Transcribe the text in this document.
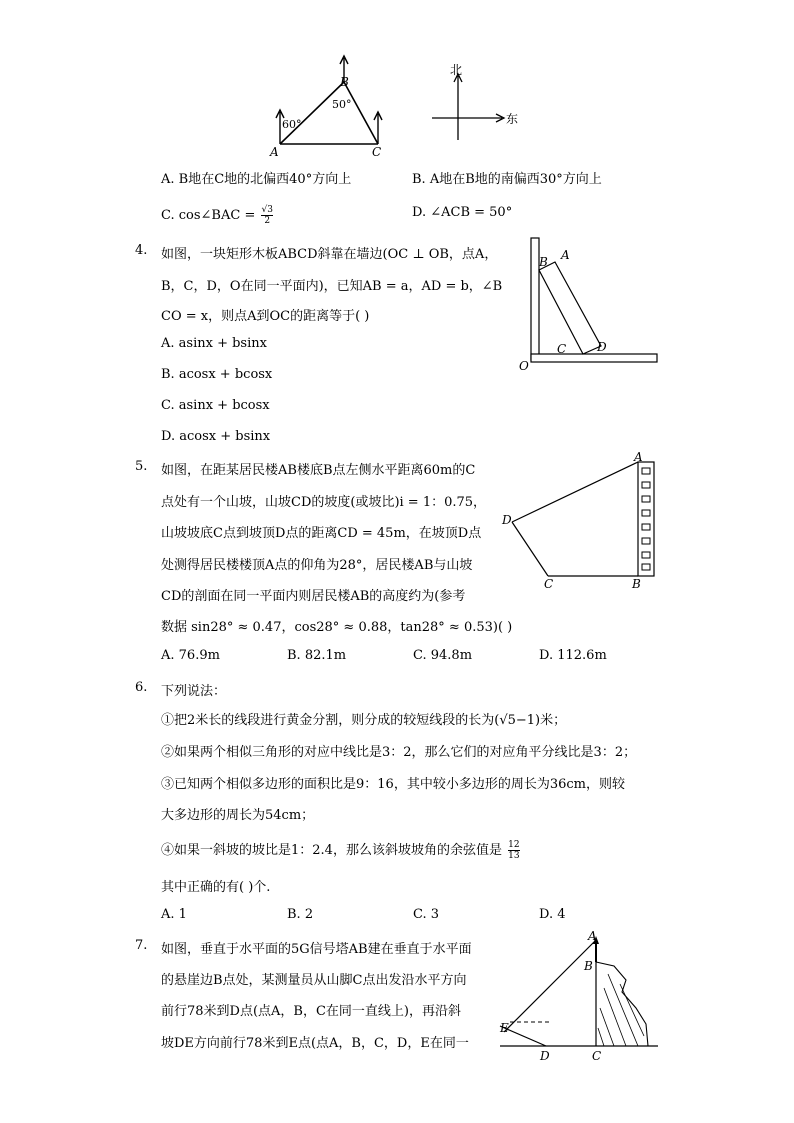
B
A	C
60°
50°
北
东
A. B地在C地的北偏西40°方向上	B. A地在B地的南偏西30°方向上
C. cos∠BAC = $\frac{√3}{2}$	D. ∠ACB = 50°
4. 如图，一块矩形木板ABCD斜靠在墙边(OC ⊥ OB，点A，
B，C，D，O在同一平面内)，已知AB = a，AD = b，∠B
CO = x，则点A到OC的距离等于( )
A. asinx + bsinx
B. acosx + bcosx
C. asinx + bcosx
D. acosx + bsinx
B A
C	D
O
5. 如图，在距某居民楼AB楼底B点左侧水平距离60m的C
点处有一个山坡，山坡CD的坡度(或坡比)i = 1：0.75，
山坡坡底C点到坡顶D点的距离CD = 45m，在坡顶D点
处测得居民楼楼顶A点的仰角为28°，居民楼AB与山坡
CD的剖面在同一平面内则居民楼AB的高度约为(参考
数据 sin28° ≈ 0.47，cos28° ≈ 0.88，tan28° ≈ 0.53)( )
A. 76.9m	B. 82.1m	C. 94.8m	D. 112.6m
A
D
C	B
6. 下列说法：
①把2米长的线段进行黄金分割，则分成的较短线段的长为(√5−1)米；
②如果两个相似三角形的对应中线比是3：2，那么它们的对应角平分线比是3：2；
③已知两个相似多边形的面积比是9：16，其中较小多边形的周长为36cm，则较
大多边形的周长为54cm；
④如果一斜坡的坡比是1：2.4，那么该斜坡坡角的余弦值是 $\frac{12}{13}$
其中正确的有( )个.
A. 1	B. 2	C. 3	D. 4
7. 如图，垂直于水平面的5G信号塔AB建在垂直于水平面
的悬崖边B点处，某测量员从山脚C点出发沿水平方向
前行78米到D点(点A，B，C在同一直线上)，再沿斜
坡DE方向前行78米到E点(点A，B，C，D，E在同一
A
B
E
D	C
